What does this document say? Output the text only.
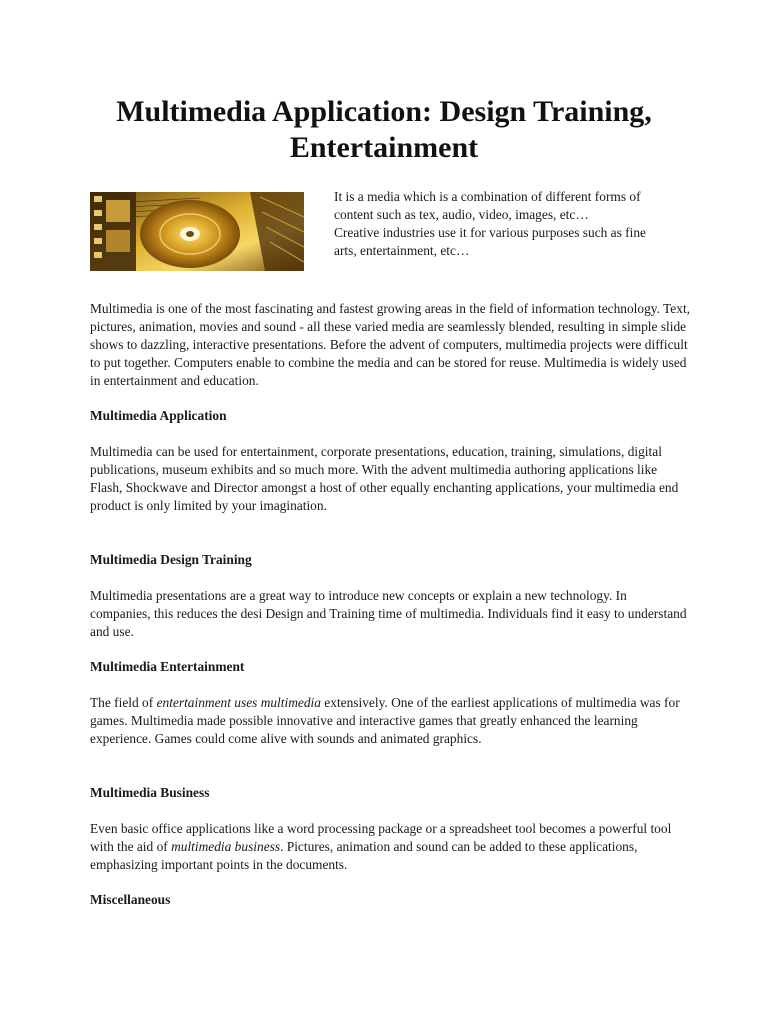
Multimedia Application: Design Training, Entertainment

It is a media which is a combination of different forms of content such as tex, audio, video, images, etc…

Creative industries use it for various purposes such as fine arts, entertainment, etc…

Multimedia is one of the most fascinating and fastest growing areas in the field of information technology. Text, pictures, animation, movies and sound - all these varied media are seamlessly blended, resulting in simple slide shows to dazzling, interactive presentations. Before the advent of computers, multimedia projects were difficult to put together. Computers enable to combine the media and can be stored for reuse. Multimedia is widely used in entertainment and education.

Multimedia Application

Multimedia can be used for entertainment, corporate presentations, education, training, simulations, digital publications, museum exhibits and so much more. With the advent multimedia authoring applications like Flash, Shockwave and Director amongst a host of other equally enchanting applications, your multimedia end product is only limited by your imagination.

Multimedia Design Training

Multimedia presentations are a great way to introduce new concepts or explain a new technology. In companies, this reduces the desi Design and Training time of multimedia. Individuals find it easy to understand and use.

Multimedia Entertainment

The field of entertainment uses multimedia extensively. One of the earliest applications of multimedia was for games. Multimedia made possible innovative and interactive games that greatly enhanced the learning experience. Games could come alive with sounds and animated graphics.

Multimedia Business

Even basic office applications like a word processing package or a spreadsheet tool becomes a powerful tool with the aid of multimedia business. Pictures, animation and sound can be added to these applications, emphasizing important points in the documents.

Miscellaneous
